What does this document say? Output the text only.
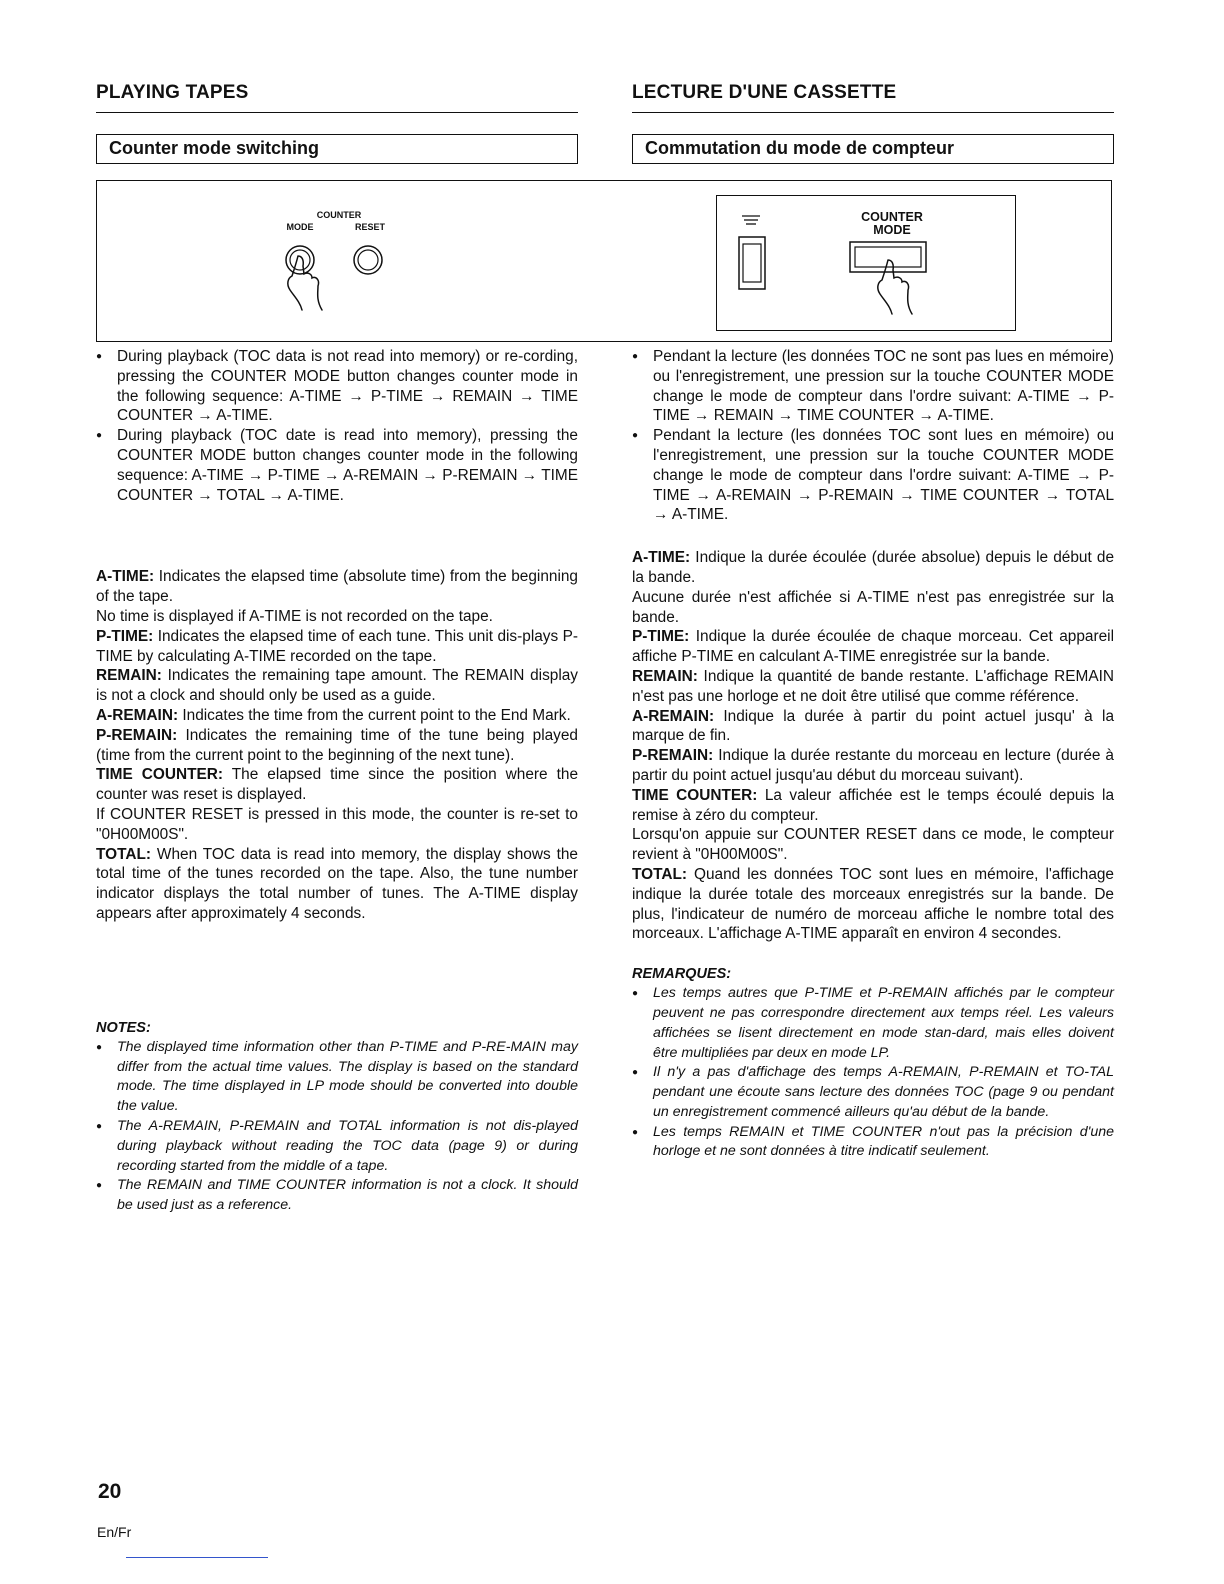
COUNTER
MODE	RESET
COUNTER
MODE
PLAYING TAPES
Counter mode switching
● During playback (TOC data is not read into memory) or re-cording, pressing the COUNTER MODE button changes counter mode in the following sequence: A-TIME → P-TIME → REMAIN → TIME COUNTER → A-TIME.
● During playback (TOC date is read into memory), pressing the COUNTER MODE button changes counter mode in the following sequence: A-TIME → P-TIME → A-REMAIN → P-REMAIN → TIME COUNTER → TOTAL → A-TIME.

A-TIME: Indicates the elapsed time (absolute time) from the beginning of the tape.

No time is displayed if A-TIME is not recorded on the tape.

P-TIME: Indicates the elapsed time of each tune. This unit dis-plays P-TIME by calculating A-TIME recorded on the tape.

REMAIN: Indicates the remaining tape amount. The REMAIN display is not a clock and should only be used as a guide.

A-REMAIN: Indicates the time from the current point to the End Mark.

P-REMAIN: Indicates the remaining time of the tune being played (time from the current point to the beginning of the next tune).

TIME COUNTER: The elapsed time since the position where the counter was reset is displayed.

If COUNTER RESET is pressed in this mode, the counter is re-set to "0H00M00S".

TOTAL: When TOC data is read into memory, the display shows the total time of the tunes recorded on the tape. Also, the tune number indicator displays the total number of tunes. The A-TIME display appears after approximately 4 seconds.

NOTES:
● The displayed time information other than P-TIME and P-RE-MAIN may differ from the actual time values. The display is based on the standard mode. The time displayed in LP mode should be converted into double the value.
● The A-REMAIN, P-REMAIN and TOTAL information is not dis-played during playback without reading the TOC data (page 9) or during recording started from the middle of a tape.
● The REMAIN and TIME COUNTER information is not a clock. It should be used just as a reference.
LECTURE D'UNE CASSETTE
Commutation du mode de compteur
● Pendant la lecture (les données TOC ne sont pas lues en mémoire) ou l'enregistrement, une pression sur la touche COUNTER MODE change le mode de compteur dans l'ordre suivant: A-TIME → P-TIME → REMAIN → TIME COUNTER → A-TIME.
● Pendant la lecture (les données TOC sont lues en mémoire) ou l'enregistrement, une pression sur la touche COUNTER MODE change le mode de compteur dans l'ordre suivant: A-TIME → P-TIME → A-REMAIN → P-REMAIN → TIME COUNTER → TOTAL → A-TIME.

A-TIME: Indique la durée écoulée (durée absolue) depuis le début de la bande.

Aucune durée n'est affichée si A-TIME n'est pas enregistrée sur la bande.

P-TIME: Indique la durée écoulée de chaque morceau. Cet appareil affiche P-TIME en calculant A-TIME enregistrée sur la bande.

REMAIN: Indique la quantité de bande restante. L'affichage REMAIN n'est pas une horloge et ne doit être utilisé que comme référence.

A-REMAIN: Indique la durée à partir du point actuel jusqu' à la marque de fin.

P-REMAIN: Indique la durée restante du morceau en lecture (durée à partir du point actuel jusqu'au début du morceau suivant).

TIME COUNTER: La valeur affichée est le temps écoulé depuis la remise à zéro du compteur.

Lorsqu'on appuie sur COUNTER RESET dans ce mode, le compteur revient à "0H00M00S".

TOTAL: Quand les données TOC sont lues en mémoire, l'affichage indique la durée totale des morceaux enregistrés sur la bande. De plus, l'indicateur de numéro de morceau affiche le nombre total des morceaux. L'affichage A-TIME apparaît en environ 4 secondes.

REMARQUES:
● Les temps autres que P-TIME et P-REMAIN affichés par le compteur peuvent ne pas correspondre directement aux temps réel. Les valeurs affichées se lisent directement en mode stan-dard, mais elles doivent être multipliées par deux en mode LP.
● Il n'y a pas d'affichage des temps A-REMAIN, P-REMAIN et TO-TAL pendant une écoute sans lecture des données TOC (page 9 ou pendant un enregistrement commencé ailleurs qu'au début de la bande.
● Les temps REMAIN et TIME COUNTER n'out pas la précision d'une horloge et ne sont données à titre indicatif seulement.
20
En/Fr
